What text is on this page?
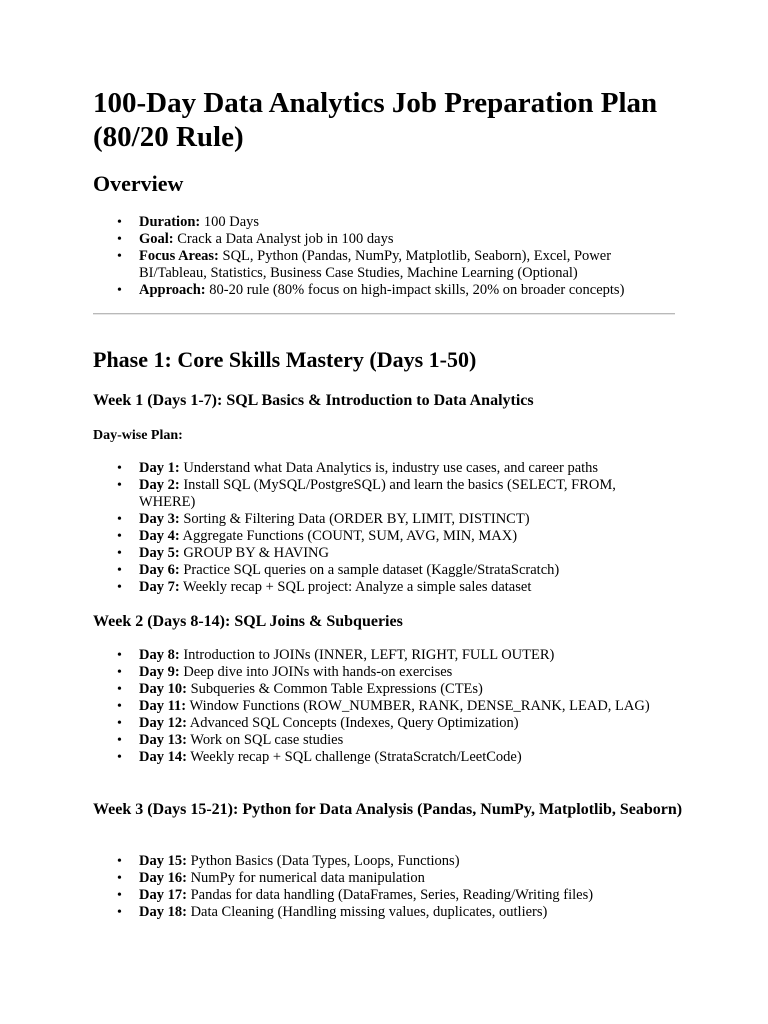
100-Day Data Analytics Job Preparation Plan (80/20 Rule)
Overview
• Duration: 100 Days
• Goal: Crack a Data Analyst job in 100 days
• Focus Areas: SQL, Python (Pandas, NumPy, Matplotlib, Seaborn), Excel, Power BI/Tableau, Statistics, Business Case Studies, Machine Learning (Optional)
• Approach: 80-20 rule (80% focus on high-impact skills, 20% on broader concepts)
Phase 1: Core Skills Mastery (Days 1-50)
Week 1 (Days 1-7): SQL Basics & Introduction to Data Analytics
Day-wise Plan:
• Day 1: Understand what Data Analytics is, industry use cases, and career paths
• Day 2: Install SQL (MySQL/PostgreSQL) and learn the basics (SELECT, FROM, WHERE)
• Day 3: Sorting & Filtering Data (ORDER BY, LIMIT, DISTINCT)
• Day 4: Aggregate Functions (COUNT, SUM, AVG, MIN, MAX)
• Day 5: GROUP BY & HAVING
• Day 6: Practice SQL queries on a sample dataset (Kaggle/StrataScratch)
• Day 7: Weekly recap + SQL project: Analyze a simple sales dataset
Week 2 (Days 8-14): SQL Joins & Subqueries
• Day 8: Introduction to JOINs (INNER, LEFT, RIGHT, FULL OUTER)
• Day 9: Deep dive into JOINs with hands-on exercises
• Day 10: Subqueries & Common Table Expressions (CTEs)
• Day 11: Window Functions (ROW_NUMBER, RANK, DENSE_RANK, LEAD, LAG)
• Day 12: Advanced SQL Concepts (Indexes, Query Optimization)
• Day 13: Work on SQL case studies
• Day 14: Weekly recap + SQL challenge (StrataScratch/LeetCode)
Week 3 (Days 15-21): Python for Data Analysis (Pandas, NumPy, Matplotlib, Seaborn)
• Day 15: Python Basics (Data Types, Loops, Functions)
• Day 16: NumPy for numerical data manipulation
• Day 17: Pandas for data handling (DataFrames, Series, Reading/Writing files)
• Day 18: Data Cleaning (Handling missing values, duplicates, outliers)
